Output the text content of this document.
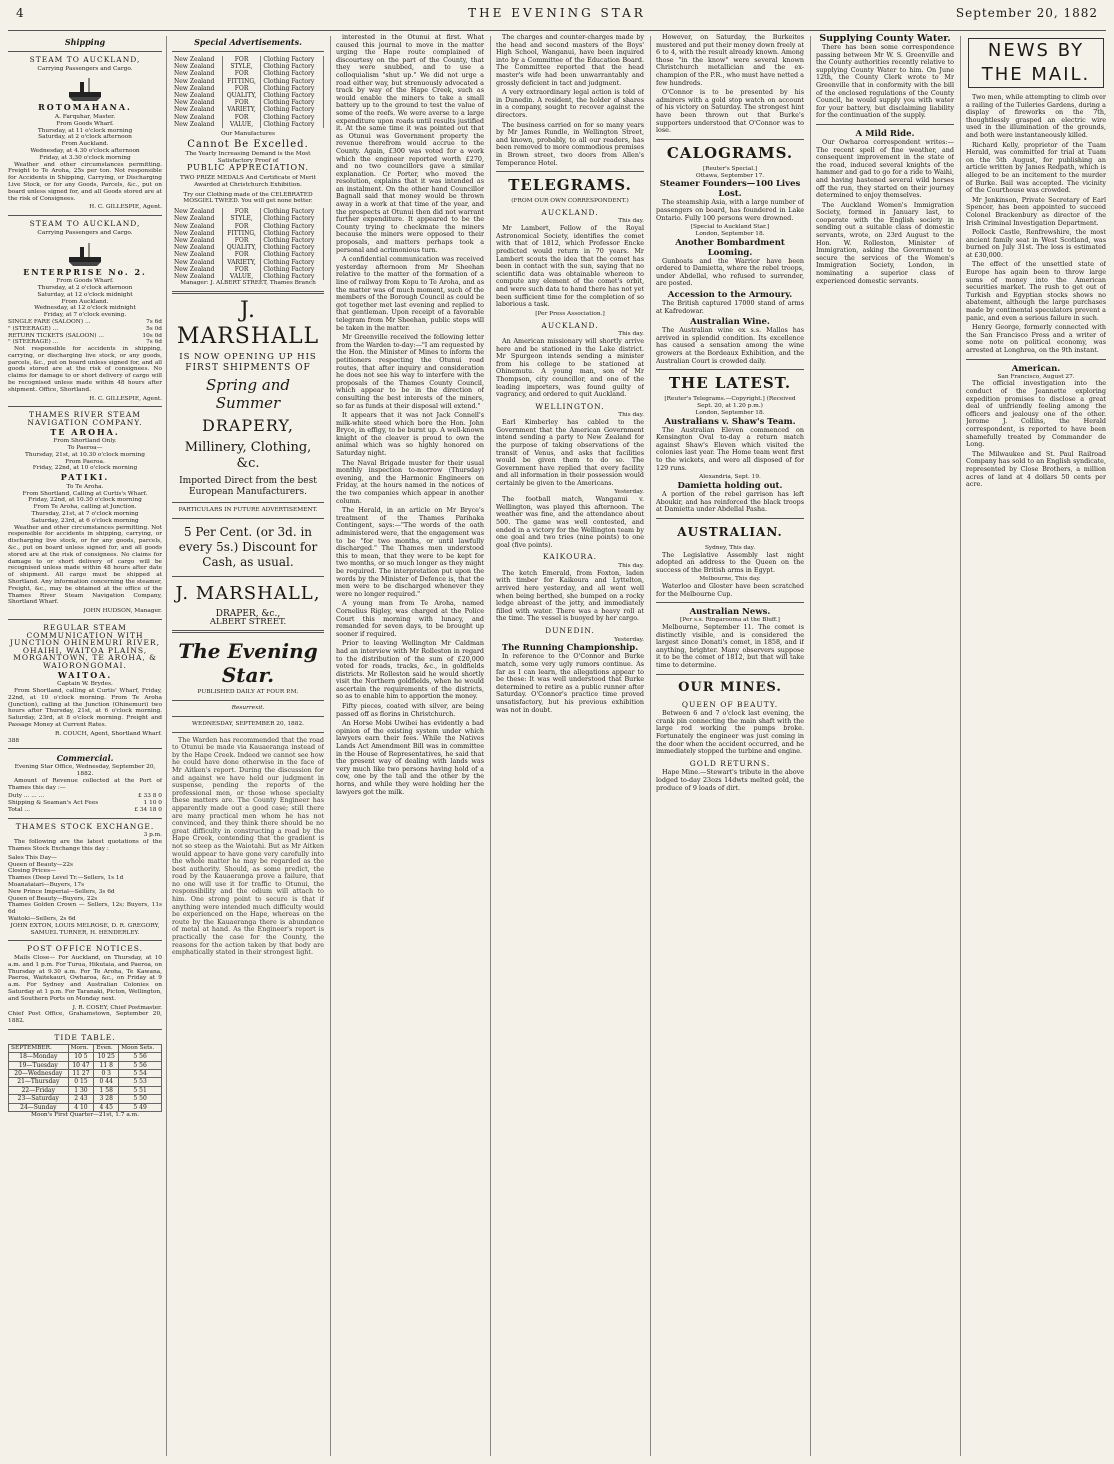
4	THE EVENING STAR	September 20, 1882
Shipping
STEAM TO AUCKLAND,
Carrying Passengers and Cargo.
ROTOMAHANA.
A. Farquhar, Master.
From Goods Wharf.
Thursday, at 11 o'clock morning
Saturday, at 2 o'clock afternoon
From Auckland.
Wednesday, at 4.30 o'clock afternoon
Friday, at 3.30 o'clock morning

Weather and other circumstances permitting. Freight to Te Aroha, 25s per ton. Not responsible for Accidents in Shipping, Carrying, or Discharging Live Stock, or for any Goods, Parcels, &c., put on board unless signed for, and all Goods stored are at the risk of Consignees.

H. C. GILLESPIE, Agent.
STEAM TO AUCKLAND,
Carrying Passengers and Cargo.
ENTERPRISE No. 2.
From Goods Wharf.
Thursday, at 2 o'clock afternoon
Saturday, at 12 o'clock midnight
From Auckland.
Wednesday, at 12 o'clock midnight
Friday, at 7 o'clock evening.
SINGLE FARE (SALOON) ...	7s 6d
" (STEERAGE) ...	5s 0d
RETURN TICKETS (SALOON) ...	10s 0d
" (STEERAGE) ...	7s 6d

Not responsible for accidents in shipping, carrying, or discharging live stock, or any goods, parcels, &c., put on board unless signed for, and all goods stored are at the risk of consignees. No claims for damage to or short delivery of cargo will be recognised unless made within 48 hours after shipment. Office, Shortland.

H. C. GILLESPIE, Agent.
THAMES RIVER STEAM NAVIGATION COMPANY.
TE AROHA.
From Shortland Only.
To Paeroa—
Thursday, 21st, at 10.30 o'clock morning
From Paeroa.
Friday, 22nd, at 10 o'clock morning
PATIKI.
To Te Aroha.
From Shortland, Calling at Curtis's Wharf.
Friday, 22nd, at 10.30 o'clock morning
From Te Aroha, calling at Junction.
Thursday, 21st, at 7 o'clock morning
Saturday, 23rd, at 6 o'clock morning

Weather and other circumstances permitting. Not responsible for accidents in shipping, carrying, or discharging live stock, or for any goods, parcels, &c., put on board unless signed for, and all goods stored are at the risk of consignees. No claims for damage to or short delivery of cargo will be recognised unless made within 48 hours after date of shipment. All cargo must be shipped at Shortland. Any information concerning the steamer, Freight, &c., may be obtained at the office of the Thames River Steam Navigation Company, Shortland Wharf.

JOHN HUDSON, Manager.
REGULAR STEAM COMMUNICATION WITH JUNCTION OHINEMURI RIVER, OHAIHI, WAITOA PLAINS, MORGANTOWN, TE AROHA, & WAIORONGOMAI.
WAITOA.
Captain W. Brydes.

From Shortland, calling at Curtis' Wharf, Friday, 22nd, at 10 o'clock morning. From Te Aroha (Junction), calling at the Junction (Ohinemuri) two hours after Thursday, 21st, at 6 o'clock morning. Saturday, 23rd, at 8 o'clock morning. Freight and Passage Money at Current Rates.

R. COUCH, Agent, Shortland Wharf.
388
Commercial.
Evening Star Office, Wednesday, September 20, 1882.

Amount of Revenue collected at the Port of Thames this day :—

Duty ... ... ...	£ 33 8 0
Shipping & Seaman's Act Fees	1 10 0
Total ...	£ 34 18 0
THAMES STOCK EXCHANGE.
3 p.m.

The following are the latest quotations of the Thames Stock Exchange this day :

Sales This Day—
Queen of Beauty—22s
Closing Prices—
Thames (Deep Level Tr.—Sellers, 1s 1d
Moanataiari—Buyers, 17s
New Prince Imperial—Sellers, 3s 6d
Queen of Beauty—Buyers, 22s
Thames Golden Crown — Sellers, 12s; Buyers, 11s 6d
Waitoki—Sellers, 2s 6d
JOHN EXTON, LOUIS MELROSE, D. R. GREGORY, SAMUEL TURNER, H. HENDERLEY.
POST OFFICE NOTICES.

Mails Close— For Auckland, on Thursday, at 10 a.m. and 1 p.m. For Turua, Hikutaia, and Paeroa, on Thursday at 9.30 a.m. For Te Aroha, Te Kawana, Paeroa, Waitekauri, Owharoa, &c., on Friday at 9 a.m. For Sydney and Australian Colonies on Saturday at 1 p.m. For Taranaki, Picton, Wellington, and Southern Ports on Monday next.

J. R. COSEY, Chief Postmaster.
Chief Post Office, Grahamstown, September 20, 1882.
TIDE TABLE.
SEPTEMBER.	Morn.	Even.	Moon Sets.
18—Monday	10 5	10 25	5 56
19—Tuesday	10 47	11 8	5 56
20—Wednesday	11 27	0 3	5 54
21—Thursday	0 15	0 44	5 53
22—Friday	1 30	1 58	5 51
23—Saturday	2 43	3 28	5 50
24—Sunday	4 10	4 45	5 49
Moon's First Quarter—21st, 1.7 a.m.
Special Advertisements.
New Zealand	FOR	Clothing Factory
New Zealand	STYLE,	Clothing Factory
New Zealand	FOR	Clothing Factory
New Zealand	FITTING,	Clothing Factory
New Zealand	FOR	Clothing Factory
New Zealand	QUALITY,	Clothing Factory
New Zealand	FOR	Clothing Factory
New Zealand	VARIETY,	Clothing Factory
New Zealand	FOR	Clothing Factory
New Zealand	VALUE,	Clothing Factory
Our Manufactures
Cannot Be Excelled.
The Yearly Increasing Demand is the Most Satisfactory Proof of
PUBLIC APPRECIATION.
TWO PRIZE MEDALS And Certificate of Merit Awarded at Christchurch Exhibition.
Try our Clothing made of the CELEBRATED MOSGIEL TWEED. You will get none better.
New Zealand	FOR	Clothing Factory
New Zealand	STYLE,	Clothing Factory
New Zealand	FOR	Clothing Factory
New Zealand	FITTING,	Clothing Factory
New Zealand	FOR	Clothing Factory
New Zealand	QUALITY,	Clothing Factory
New Zealand	FOR	Clothing Factory
New Zealand	VARIETY,	Clothing Factory
New Zealand	FOR	Clothing Factory
New Zealand	VALUE,	Clothing Factory
Manager: J. ALBERT STREET, Thames Branch
J. MARSHALL
IS NOW OPENING UP HIS
FIRST SHIPMENTS OF
Spring and Summer
DRAPERY,
Millinery, Clothing, &c.
Imported Direct from the best European Manufacturers.
PARTICULARS IN FUTURE ADVERTISEMENT.
5 Per Cent. (or 3d. in every 5s.) Discount for Cash, as usual.
J. MARSHALL,
DRAPER, &c.,
ALBERT STREET.
The Evening Star.
PUBLISHED DAILY AT FOUR P.M.
Resurrexit.
WEDNESDAY, SEPTEMBER 20, 1882.

The Warden has recommended that the road to Otunui be made via Kauaeranga instead of by the Hape Creek. Indeed we cannot see how he could have done otherwise in the face of Mr Aitken's report. During the discussion for and against we have held our judgment in suspense, pending the reports of the professional men, or those whose specialty these matters are. The County Engineer has apparently made out a good case; still there are many practical men whom he has not convinced, and they think there should be no great difficulty in constructing a road by the Hape Creek, contending that the gradient is not so steep as the Waiotahi. But as Mr Aitken would appear to have gone very carefully into the whole matter he may be regarded as the best authority. Should, as some predict, the road by the Kauaeranga prove a failure, that no one will use it for traffic to Otunui, the responsibility and the odium will attach to him. One strong point to secure is that if anything were intended much difficulty would be experienced on the Hape, whereas on the route by the Kauaeranga there is abundance of metal at hand. As the Engineer's report is practically the case for the County, the reasons for the action taken by that body are emphatically stated in their strongest light.

interested in the Otunui at first. What caused this journal to move in the matter urging the Hape route complained of discourtesy on the part of the County, that they were snubbed, and to use a colloquialism "shut up." We did not urge a road either way, but strenuously advocated a track by way of the Hape Creek, such as would enable the miners to take a small battery up to the ground to test the value of some of the reefs. We were averse to a large expenditure upon roads until results justified it. At the same time it was pointed out that as Otunui was Government property the revenue therefrom would accrue to the County. Again, £300 was voted for a work which the engineer reported worth £270, and no two councillors gave a similar explanation. Cr Porter, who moved the resolution, explains that it was intended as an instalment. On the other hand Councillor Bagnall said that money would be thrown away in a work at that time of the year, and the prospects at Otunui then did not warrant further expenditure. It appeared to be the County trying to checkmate the miners because the miners were opposed to their proposals, and matters perhaps took a personal and acrimonious turn.

A confidential communication was received yesterday afternoon from Mr Sheehan relative to the matter of the formation of a line of railway from Kopu to Te Aroha, and as the matter was of much moment, such of the members of the Borough Council as could be got together met last evening and replied to that gentleman. Upon receipt of a favorable telegram from Mr Sheehan, public steps will be taken in the matter.

Mr Greenville received the following letter from the Warden to-day:—"I am requested by the Hon. the Minister of Mines to inform the petitioners respecting the Otunui road routes, that after inquiry and consideration he does not see his way to interfere with the proposals of the Thames County Council, which appear to be in the direction of consulting the best interests of the miners, so far as funds at their disposal will extend."

It appears that it was not Jack Connell's milk-white steed which bore the Hon. John Bryce, in effigy, to be burnt up. A well-known knight of the cleaver is proud to own the animal which was so highly honored on Saturday night.

The Naval Brigade muster for their usual monthly inspection to-morrow (Thursday) evening, and the Harmonic Engineers on Friday, at the hours named in the notices of the two companies which appear in another column.

The Herald, in an article on Mr Bryce's treatment of the Thames Parihaka Contingent, says:—"The words of the oath administered were, that the engagement was to be "for two months, or until lawfully discharged." The Thames men understood this to mean, that they were to be kept for two months, or so much longer as they might be required. The interpretation put upon the words by the Minister of Defence is, that the men were to be discharged whenever they were no longer required."

A young man from Te Aroha, named Cornelius Rigley, was charged at the Police Court this morning with lunacy, and remanded for seven days, to be brought up sooner if required.

Prior to leaving Wellington Mr Caldman had an interview with Mr Rolleston in regard to the distribution of the sum of £20,000 voted for roads, tracks, &c., in goldfields districts. Mr Rolleston said he would shortly visit the Northern goldfields, when he would ascertain the requirements of the districts, so as to enable him to apportion the money.

Fifty pieces, coated with silver, are being passed off as florins in Christchurch.

An Horse Mobi Uwihei has evidently a bad opinion of the existing system under which lawyers earn their fees. While the Natives Lands Act Amendment Bill was in committee in the House of Representatives, he said that the present way of dealing with lands was very much like two persons having hold of a cow, one by the tail and the other by the horns, and while they were holding her the lawyers got the milk.

The charges and counter-charges made by the head and second masters of the Boys' High School, Wanganui, have been inquired into by a Committee of the Education Board. The Committee reported that the head master's wife had been unwarrantably and grossly deficient in tact and judgment.

A very extraordinary legal action is told of in Dunedin. A resident, the holder of shares in a company, sought to recover against the directors.

The business carried on for so many years by Mr James Rundle, in Wellington Street, and known, probably, to all our readers, has been removed to more commodious premises in Brown street, two doors from Allen's Temperance Hotel.

TELEGRAMS.
(FROM OUR OWN CORRESPONDENT.)
AUCKLAND.
This day.

Mr Lambert, Fellow of the Royal Astronomical Society, identifies the comet with that of 1812, which Professor Encke predicted would return in 70 years. Mr Lambert scouts the idea that the comet has been in contact with the sun, saying that no scientific data was obtainable whereon to compute any element of the comet's orbit, and were such data to hand there has not yet been sufficient time for the completion of so laborious a task.

[Per Press Association.]
AUCKLAND.
This day.

An American missionary will shortly arrive here and be stationed in the Lake district. Mr Spurgeon intends sending a minister from his college to be stationed at Ohinemutu. A young man, son of Mr Thompson, city councillor, and one of the leading importers, was found guilty of vagrancy, and ordered to quit Auckland.

WELLINGTON.
This day.

Earl Kimberley has cabled to the Government that the American Government intend sending a party to New Zealand for the purpose of taking observations of the transit of Venus, and asks that facilities would be given them to do so. The Government have replied that every facility and all information in their possession would certainly be given to the Americans.

Yesterday.

The football match, Wanganui v. Wellington, was played this afternoon. The weather was fine, and the attendance about 500. The game was well contested, and ended in a victory for the Wellington team by one goal and two tries (nine points) to one goal (five points).

KAIKOURA.
This day.

The ketch Emerald, from Foxton, laden with timber for Kaikoura and Lyttelton, arrived here yesterday, and all went well when being berthed, she bumped on a rocky ledge abreast of the jetty, and immediately filled with water. There was a heavy roll at the time. The vessel is buoyed by her cargo.

DUNEDIN.
Yesterday.
The Running Championship.

In reference to the O'Connor and Burke match, some very ugly rumors continue. As far as I can learn, the allegations appear to be these: It was well understood that Burke determined to retire as a public runner after Saturday. O'Connor's practice time proved unsatisfactory, but his previous exhibition was not in doubt.

However, on Saturday, the Burkeites mustered and put their money down freely at 6 to 4, with the result already known. Among those "in the know" were several known Christchurch metallician and the ex-champion of the P.R., who must have netted a few hundreds.

O'Connor is to be presented by his admirers with a gold stop watch on account of his victory on Saturday. The strongest hint have been thrown out that Burke's supporters understood that O'Connor was to lose.

CALOGRAMS.
[Reuter's Special.]
Ottawa, September 17.
Steamer Founders—100 Lives Lost.

The steamship Asia, with a large number of passengers on board, has foundered in Lake Ontario. Fully 100 persons were drowned.

[Special to Auckland Star.]
London, September 18.
Another Bombardment Looming.

Gunboats and the Warrior have been ordered to Damietta, where the rebel troops, under Abdellal, who refused to surrender, are posted.

Accession to the Armoury.

The British captured 17000 stand of arms at Kafredowar.

Australian Wine.

The Australian wine ex s.s. Mallos has arrived in splendid condition. Its excellence has caused a sensation among the wine growers at the Bordeaux Exhibition, and the Australian Court is crowded daily.

THE LATEST.
[Reuter's Telegrams.—Copyright.] (Received Sept. 20, at 1.20 p.m.)
London, September 18.
Australians v. Shaw's Team.

The Australian Eleven commenced on Kensington Oval to-day a return match against Shaw's Eleven which visited the colonies last year. The Home team went first to the wickets, and were all disposed of for 129 runs.

Alexandria, Sept. 19.
Damietta holding out.

A portion of the rebel garrison has left Aboukir, and has reinforced the black troops at Damietta under Abdellal Pasha.

AUSTRALIAN.
Sydney, This day.

The Legislative Assembly last night adopted an address to the Queen on the success of the British arms in Egypt.

Melbourne, This day.

Waterloo and Gloster have been scratched for the Melbourne Cup.

Australian News.
[Per s.s. Ringarooma at the Bluff.]

Melbourne, September 11. The comet is distinctly visible, and is considered the largest since Donati's comet, in 1858, and if anything, brighter. Many observers suppose it to be the comet of 1812, but that will take time to determine.

OUR MINES.
QUEEN OF BEAUTY.

Between 6 and 7 o'clock last evening, the crank pin connecting the main shaft with the large rod working the pumps broke. Fortunately the engineer was just coming in the door when the accident occurred, and he immediately stopped the turbine and engine.

GOLD RETURNS.

Hape Mine.—Stewart's tribute in the above lodged to-day 23ozs 14dwts melted gold, the produce of 9 loads of dirt.

Supplying County Water.

There has been some correspondence passing between Mr W. S. Greenville and the County authorities recently relative to supplying County Water to him. On June 12th, the County Clerk wrote to Mr Greenville that in conformity with the bill of the enclosed regulations of the County Council, he would supply you with water for your battery, but disclaiming liability for the continuation of the supply.

A Mild Ride.

Our Owharoa correspondent writes:— The recent spell of fine weather, and consequent improvement in the state of the road, induced several knights of the hammer and gad to go for a ride to Waihi, and having hastened several wild horses off the run, they started on their journey determined to enjoy themselves.

The Auckland Women's Immigration Society, formed in January last, to cooperate with the English society in sending out a suitable class of domestic servants, wrote, on 23rd August to the Hon. W. Rolleston, Minister of Immigration, asking the Government to secure the services of the Women's Immigration Society, London, in nominating a superior class of experienced domestic servants.

NEWS BY THE MAIL.

Two men, while attempting to climb over a railing of the Tuileries Gardens, during a display of fireworks on the 7th, thoughtlessly grasped an electric wire used in the illumination of the grounds, and both were instantaneously killed.

Richard Kelly, proprietor of the Tuam Herald, was committed for trial at Tuam on the 5th August, for publishing an article written by James Redpath, which is alleged to be an incitement to the murder of Burke. Bail was accepted. The vicinity of the Courthouse was crowded.

Mr Jenkinson, Private Secretary of Earl Spencer, has been appointed to succeed Colonel Brackenbury as director of the Irish Criminal Investigation Department.

Pollock Castle, Renfrewshire, the most ancient family seat in West Scotland, was burned on July 31st. The loss is estimated at £30,000.

The effect of the unsettled state of Europe has again been to throw large sums of money into the American securities market. The rush to get out of Turkish and Egyptian stocks shows no abatement, although the large purchases made by continental speculators prevent a panic, and even a serious failure in such.

Henry George, formerly connected with the San Francisco Press and a writer of some note on political economy, was arrested at Longhrea, on the 9th instant.

American.
San Francisco, August 27.

The official investigation into the conduct of the Jeannette exploring expedition promises to disclose a great deal of unfriendly feeling among the officers and jealousy one of the other. Jerome J. Collins, the Herald correspondent, is reported to have been shamefully treated by Commander de Long.

The Milwaukee and St. Paul Railroad Company has sold to an English syndicate, represented by Close Brothers, a million acres of land at 4 dollars 50 cents per acre.
